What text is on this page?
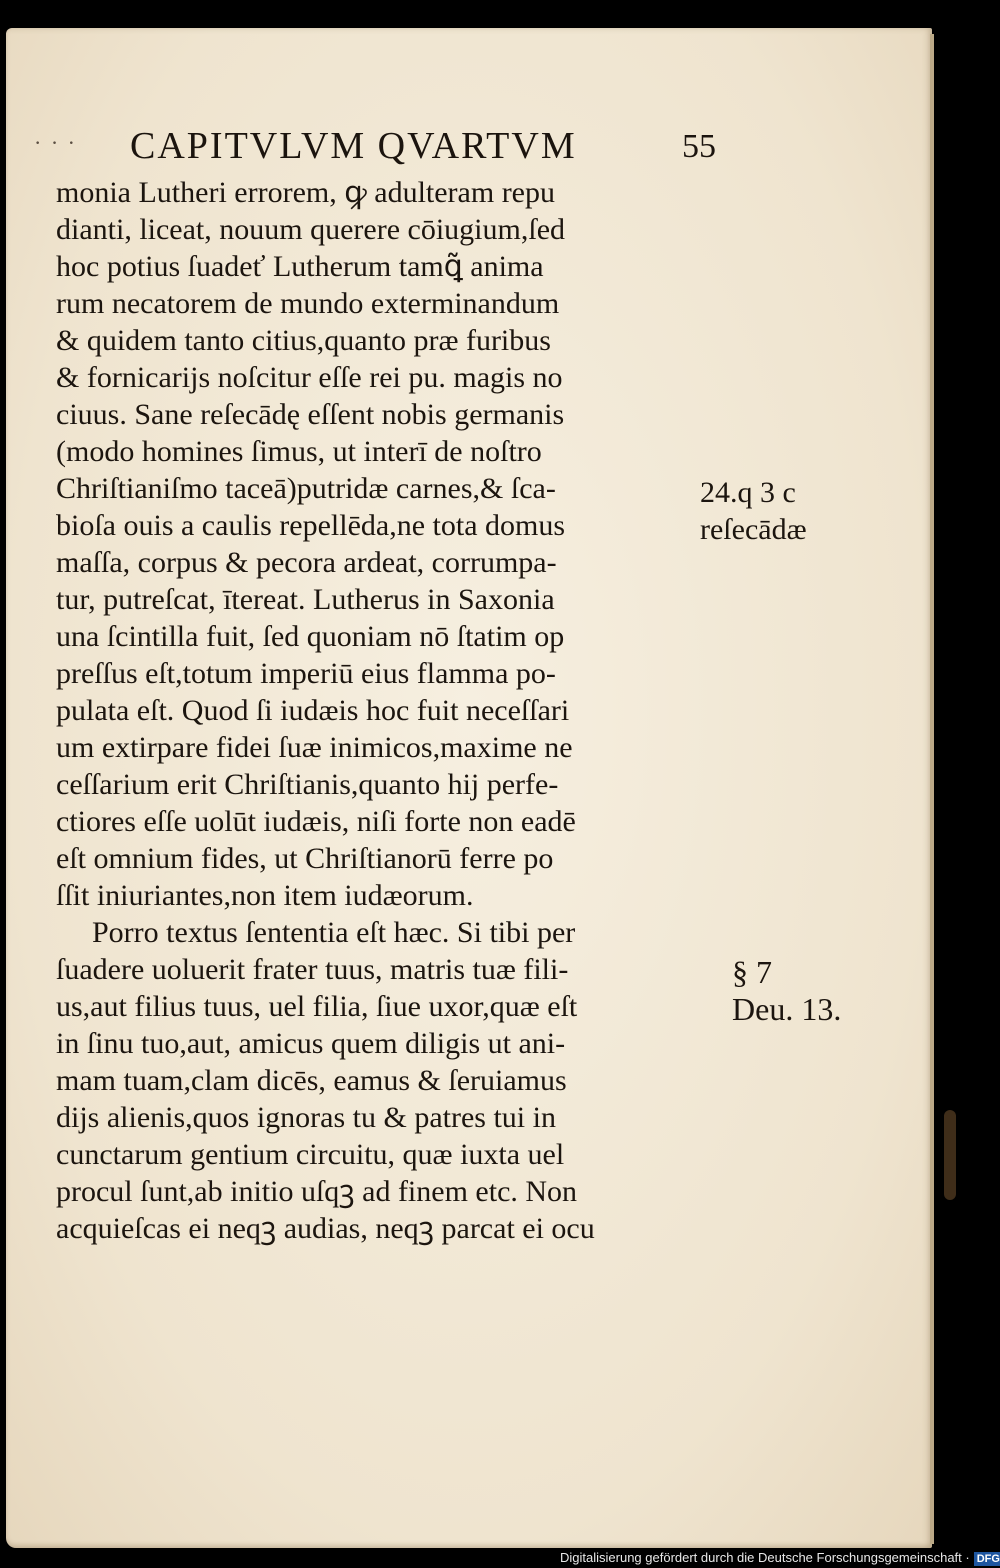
· · · CAPITVLVM QVARTVM	55
monia Lutheri errorem, ꝙ adulteram repu
dianti, liceat, nouum querere cōiugium,ſed
hoc potius ſuadeť Lutherum tamꝗ̃ anima
rum necatorem de mundo exterminandum
& quidem tanto citius,quanto præ furibus
& fornicarijs noſcitur eſſe rei pu. magis no
ciuus. Sane reſecādę eſſent nobis germanis
(modo homines ſimus, ut interī de noſtro
Chriſtianiſmo taceā)putridæ carnes,& ſca-
bioſa ouis a caulis repellēda,ne tota domus
maſſa, corpus & pecora ardeat, corrumpa-
tur, putreſcat, ītereat. Lutherus in Saxonia
una ſcintilla fuit, ſed quoniam nō ſtatim op
preſſus eſt,totum imperiū eius flamma po-
pulata eſt. Quod ſi iudæis hoc fuit neceſſari
um extirpare fidei ſuæ inimicos,maxime ne
ceſſarium erit Chriſtianis,quanto hij perfe-
ctiores eſſe uolūt iudæis, niſi forte non eadē
eſt omnium fides, ut Chriſtianorū ferre po
ſſit iniuriantes,non item iudæorum.
Porro textus ſententia eſt hæc. Si tibi per
ſuadere uoluerit frater tuus, matris tuæ fili-
us,aut filius tuus, uel filia, ſiue uxor,quæ eſt
in ſinu tuo,aut, amicus quem diligis ut ani-
mam tuam,clam dicēs, eamus & ſeruiamus
dijs alienis,quos ignoras tu & patres tui in
cunctarum gentium circuitu, quæ iuxta uel
procul ſunt,ab initio uſqꝫ ad finem etc. Non
acquieſcas ei neqꝫ audias, neqꝫ parcat ei ocu
24.q 3 c
reſecādæ
§ 7
Deu. 13.
Digitalisierung gefördert durch die Deutsche Forschungsgemeinschaft · DFG
